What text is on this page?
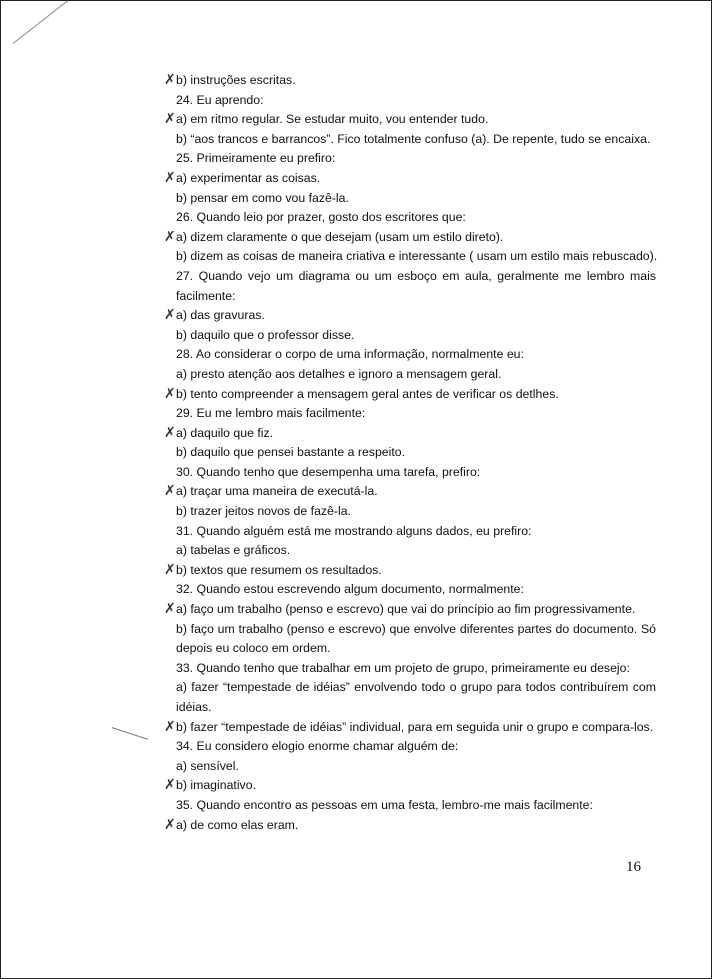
✗ b) instruções escritas.
24. Eu aprendo:
✗ a) em ritmo regular. Se estudar muito, vou entender tudo.
b) “aos trancos e barrancos”. Fico totalmente confuso (a). De repente, tudo se encaixa.
25. Primeiramente eu prefiro:
✗ a) experimentar as coisas.
b) pensar em como vou fazê-la.
26. Quando leio por prazer, gosto dos escritores que:
✗ a) dizem claramente o que desejam (usam um estilo direto).
b) dizem as coisas de maneira criativa e interessante ( usam um estilo mais rebuscado).
27. Quando vejo um diagrama ou um esboço em aula, geralmente me lembro mais facilmente:
✗ a) das gravuras.
b) daquilo que o professor disse.
28. Ao considerar o corpo de uma informação, normalmente eu:
a) presto atenção aos detalhes e ignoro a mensagem geral.
✗ b) tento compreender a mensagem geral antes de verificar os detlhes.
29. Eu me lembro mais facilmente:
✗ a) daquilo que fiz.
b) daquilo que pensei bastante a respeito.
30. Quando tenho que desempenha uma tarefa, prefiro:
✗ a) traçar uma maneira de executá-la.
b) trazer jeitos novos de fazê-la.
31. Quando alguém está me mostrando alguns dados, eu prefiro:
a) tabelas e gráficos.
✗ b) textos que resumem os resultados.
32. Quando estou escrevendo algum documento, normalmente:
✗ a) faço um trabalho (penso e escrevo) que vai do princípio ao fim progressivamente.
b) faço um trabalho (penso e escrevo) que envolve diferentes partes do documento. Só depois eu coloco em ordem.
33. Quando tenho que trabalhar em um projeto de grupo, primeiramente eu desejo:
a) fazer “tempestade de idéias” envolvendo todo o grupo para todos contribuírem com idéias.
✗ b) fazer “tempestade de idéias” individual, para em seguida unir o grupo e compara-los.
34. Eu considero elogio enorme chamar alguém de:
a) sensível.
✗ b) imaginativo.
35. Quando encontro as pessoas em uma festa, lembro-me mais facilmente:
✗ a) de como elas eram.
16
